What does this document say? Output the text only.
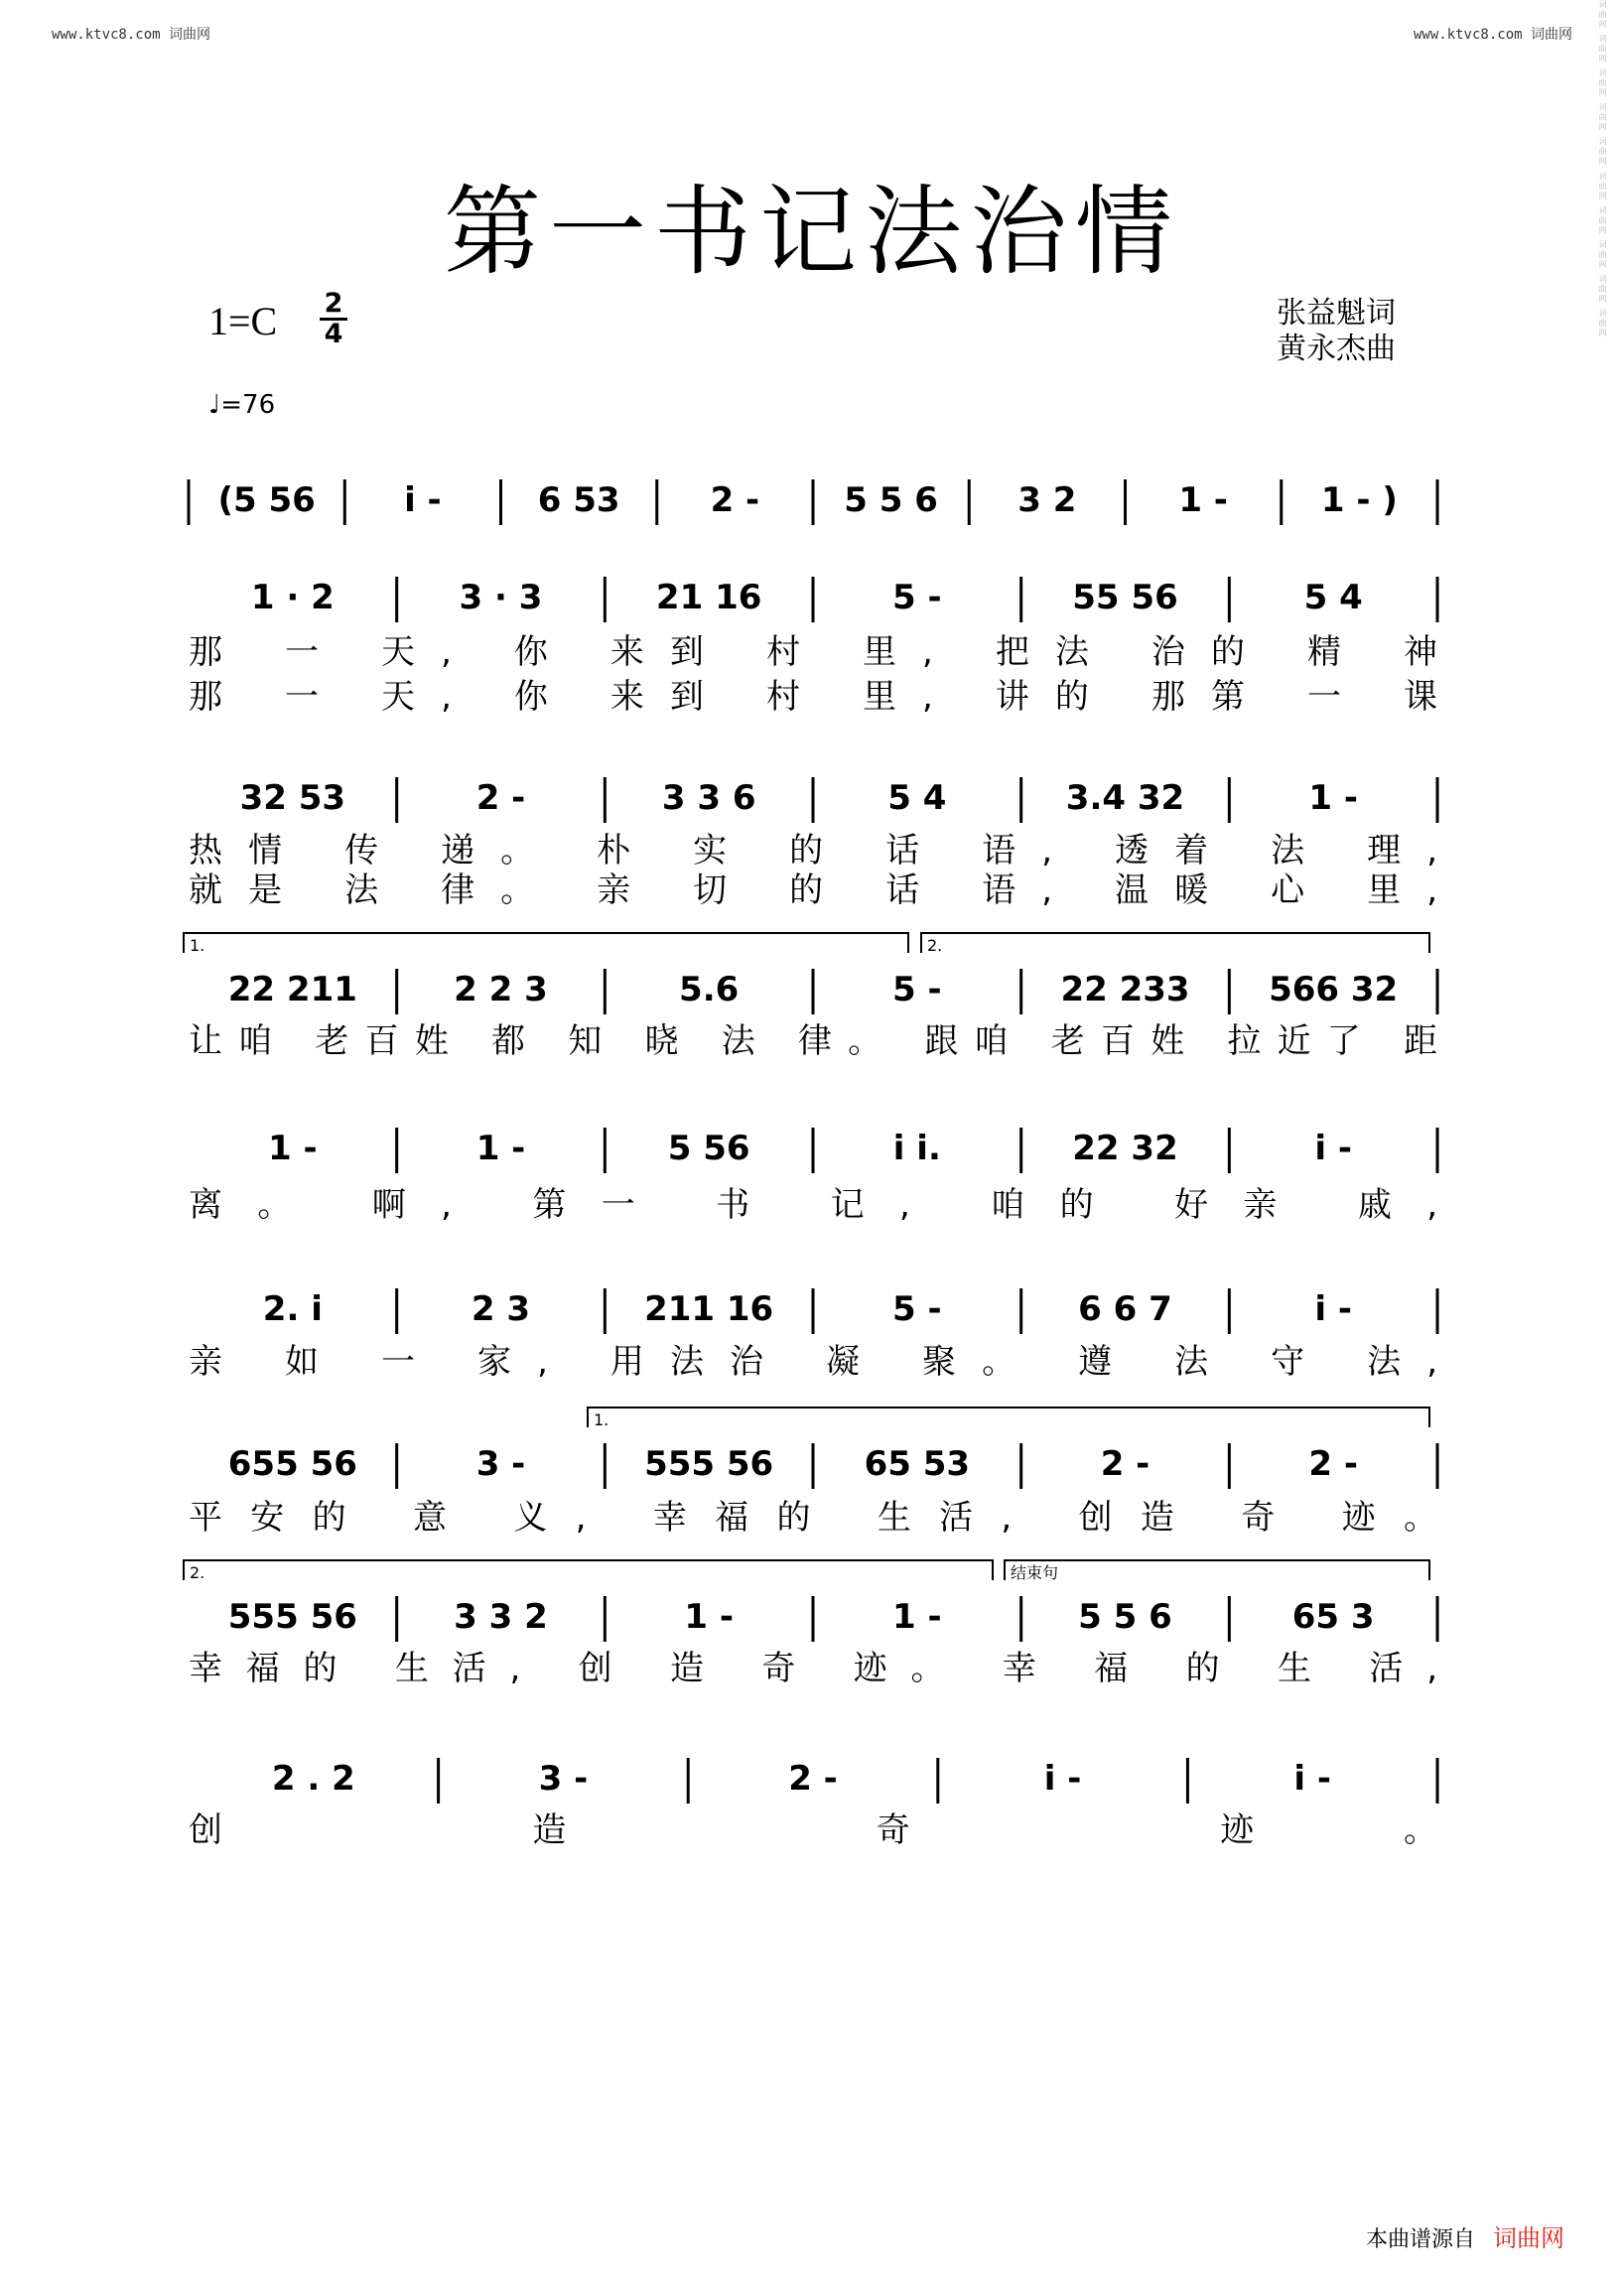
www.ktvc8.com 词曲网	www.ktvc8.com 词曲网	词曲网 词曲网 词曲网 词曲网 词曲网 词曲网 词曲网 词曲网 词曲网 词曲网
第一书记法治情
1=C 2
4
♩=76
张益魁词
黄永杰曲
(5 56	i -	6 53	2 -	5 5 6 3 2	1 -	1 - )
1 · 2	3 · 3	21 16	5 -	55 56	5 4
那 一 天, 你 来到 村 里, 把法 治的 精 神
那 一 天, 你 来到 村 里, 讲的 那第 一 课
32 53	2 -	3 3 6	5 4	3.4 32	1 -
热情 传 递。 朴 实 的 话 语, 透着 法 理,
就是 法 律。 亲 切 的 话 语, 温暖 心 里,
22 211	2 2 3	5.6	5 -	22 233 566 32
让咱 老百姓 都 知 晓 法 律。 跟咱 老百姓 拉近了 距
1 -	1 -	5 56	i i.	22 32	i -
离。 啊, 第一 书 记, 咱的 好亲 戚,
2. i	2 3	211 16	5 -	6 6 7	i -
亲 如 一 家, 用法治 凝 聚。 遵 法 守 法,
655 56	3 -	555 56	65 53	2 -	2 -
平安的 意 义, 幸福的 生活, 创造 奇 迹。
555 56	3 3 2	1 -	1 -	5 5 6	65 3
幸福的 生活, 创 造 奇 迹。 幸 福 的 生 活,
2 . 2	3 -	2 -	i -	i -
创 造 奇 迹。
1.	2.
1.
2.	结束句
本曲谱源自 词曲网
